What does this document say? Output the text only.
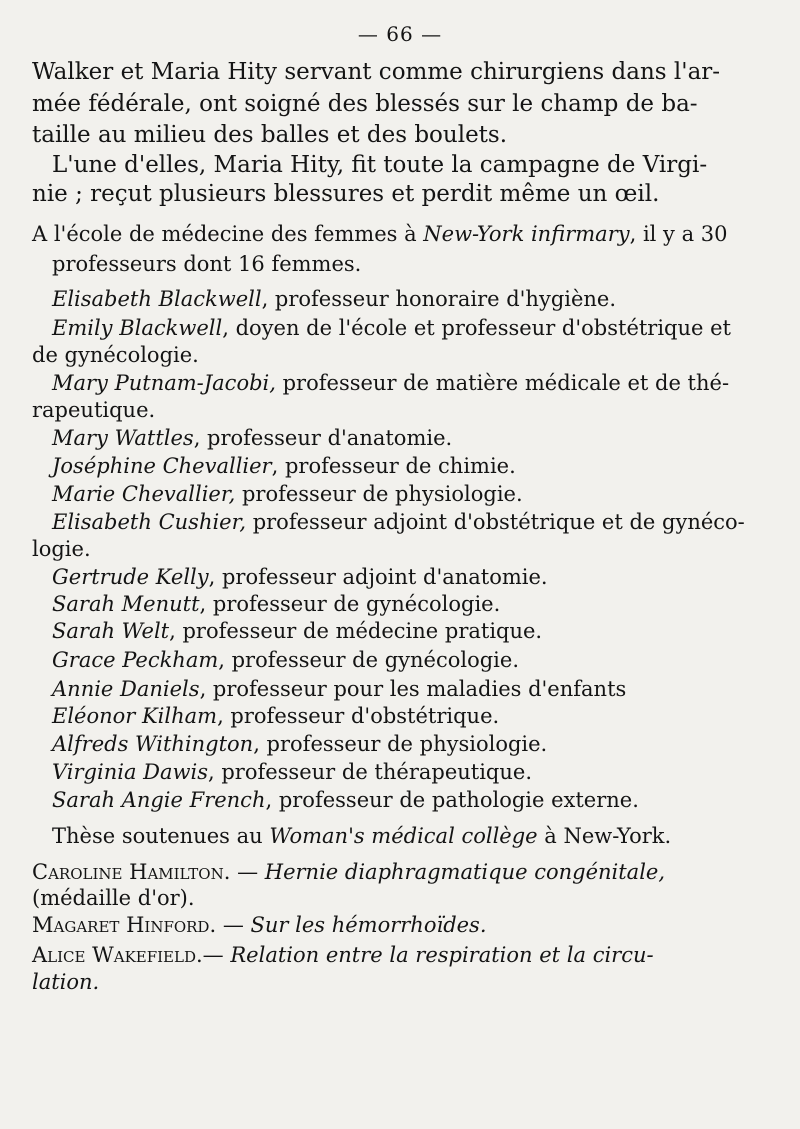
— 66 —
Walker et Maria Hity servant comme chirurgiens dans l'ar-
mée fédérale, ont soigné des blessés sur le champ de ba-
taille au milieu des balles et des boulets.
L'une d'elles, Maria Hity, fit toute la campagne de Virgi-
nie ; reçut plusieurs blessures et perdit même un œil.
A l'école de médecine des femmes à New-York infirmary, il y a 30
professeurs dont 16 femmes.
Elisabeth Blackwell, professeur honoraire d'hygiène.
Emily Blackwell, doyen de l'école et professeur d'obstétrique et
de gynécologie.
Mary Putnam-Jacobi, professeur de matière médicale et de thé-
rapeutique.
Mary Wattles, professeur d'anatomie.
Joséphine Chevallier, professeur de chimie.
Marie Chevallier, professeur de physiologie.
Elisabeth Cushier, professeur adjoint d'obstétrique et de gynéco-
logie.
Gertrude Kelly, professeur adjoint d'anatomie.
Sarah Menutt, professeur de gynécologie.
Sarah Welt, professeur de médecine pratique.
Grace Peckham, professeur de gynécologie.
Annie Daniels, professeur pour les maladies d'enfants
Eléonor Kilham, professeur d'obstétrique.
Alfreds Withington, professeur de physiologie.
Virginia Dawis, professeur de thérapeutique.
Sarah Angie French, professeur de pathologie externe.
Thèse soutenues au Woman's médical collège à New-York.
Caroline Hamilton. — Hernie diaphragmatique congénitale,
(médaille d'or).
Magaret Hinford. — Sur les hémorrhoïdes.
Alice Wakefield.— Relation entre la respiration et la circu-
lation.
